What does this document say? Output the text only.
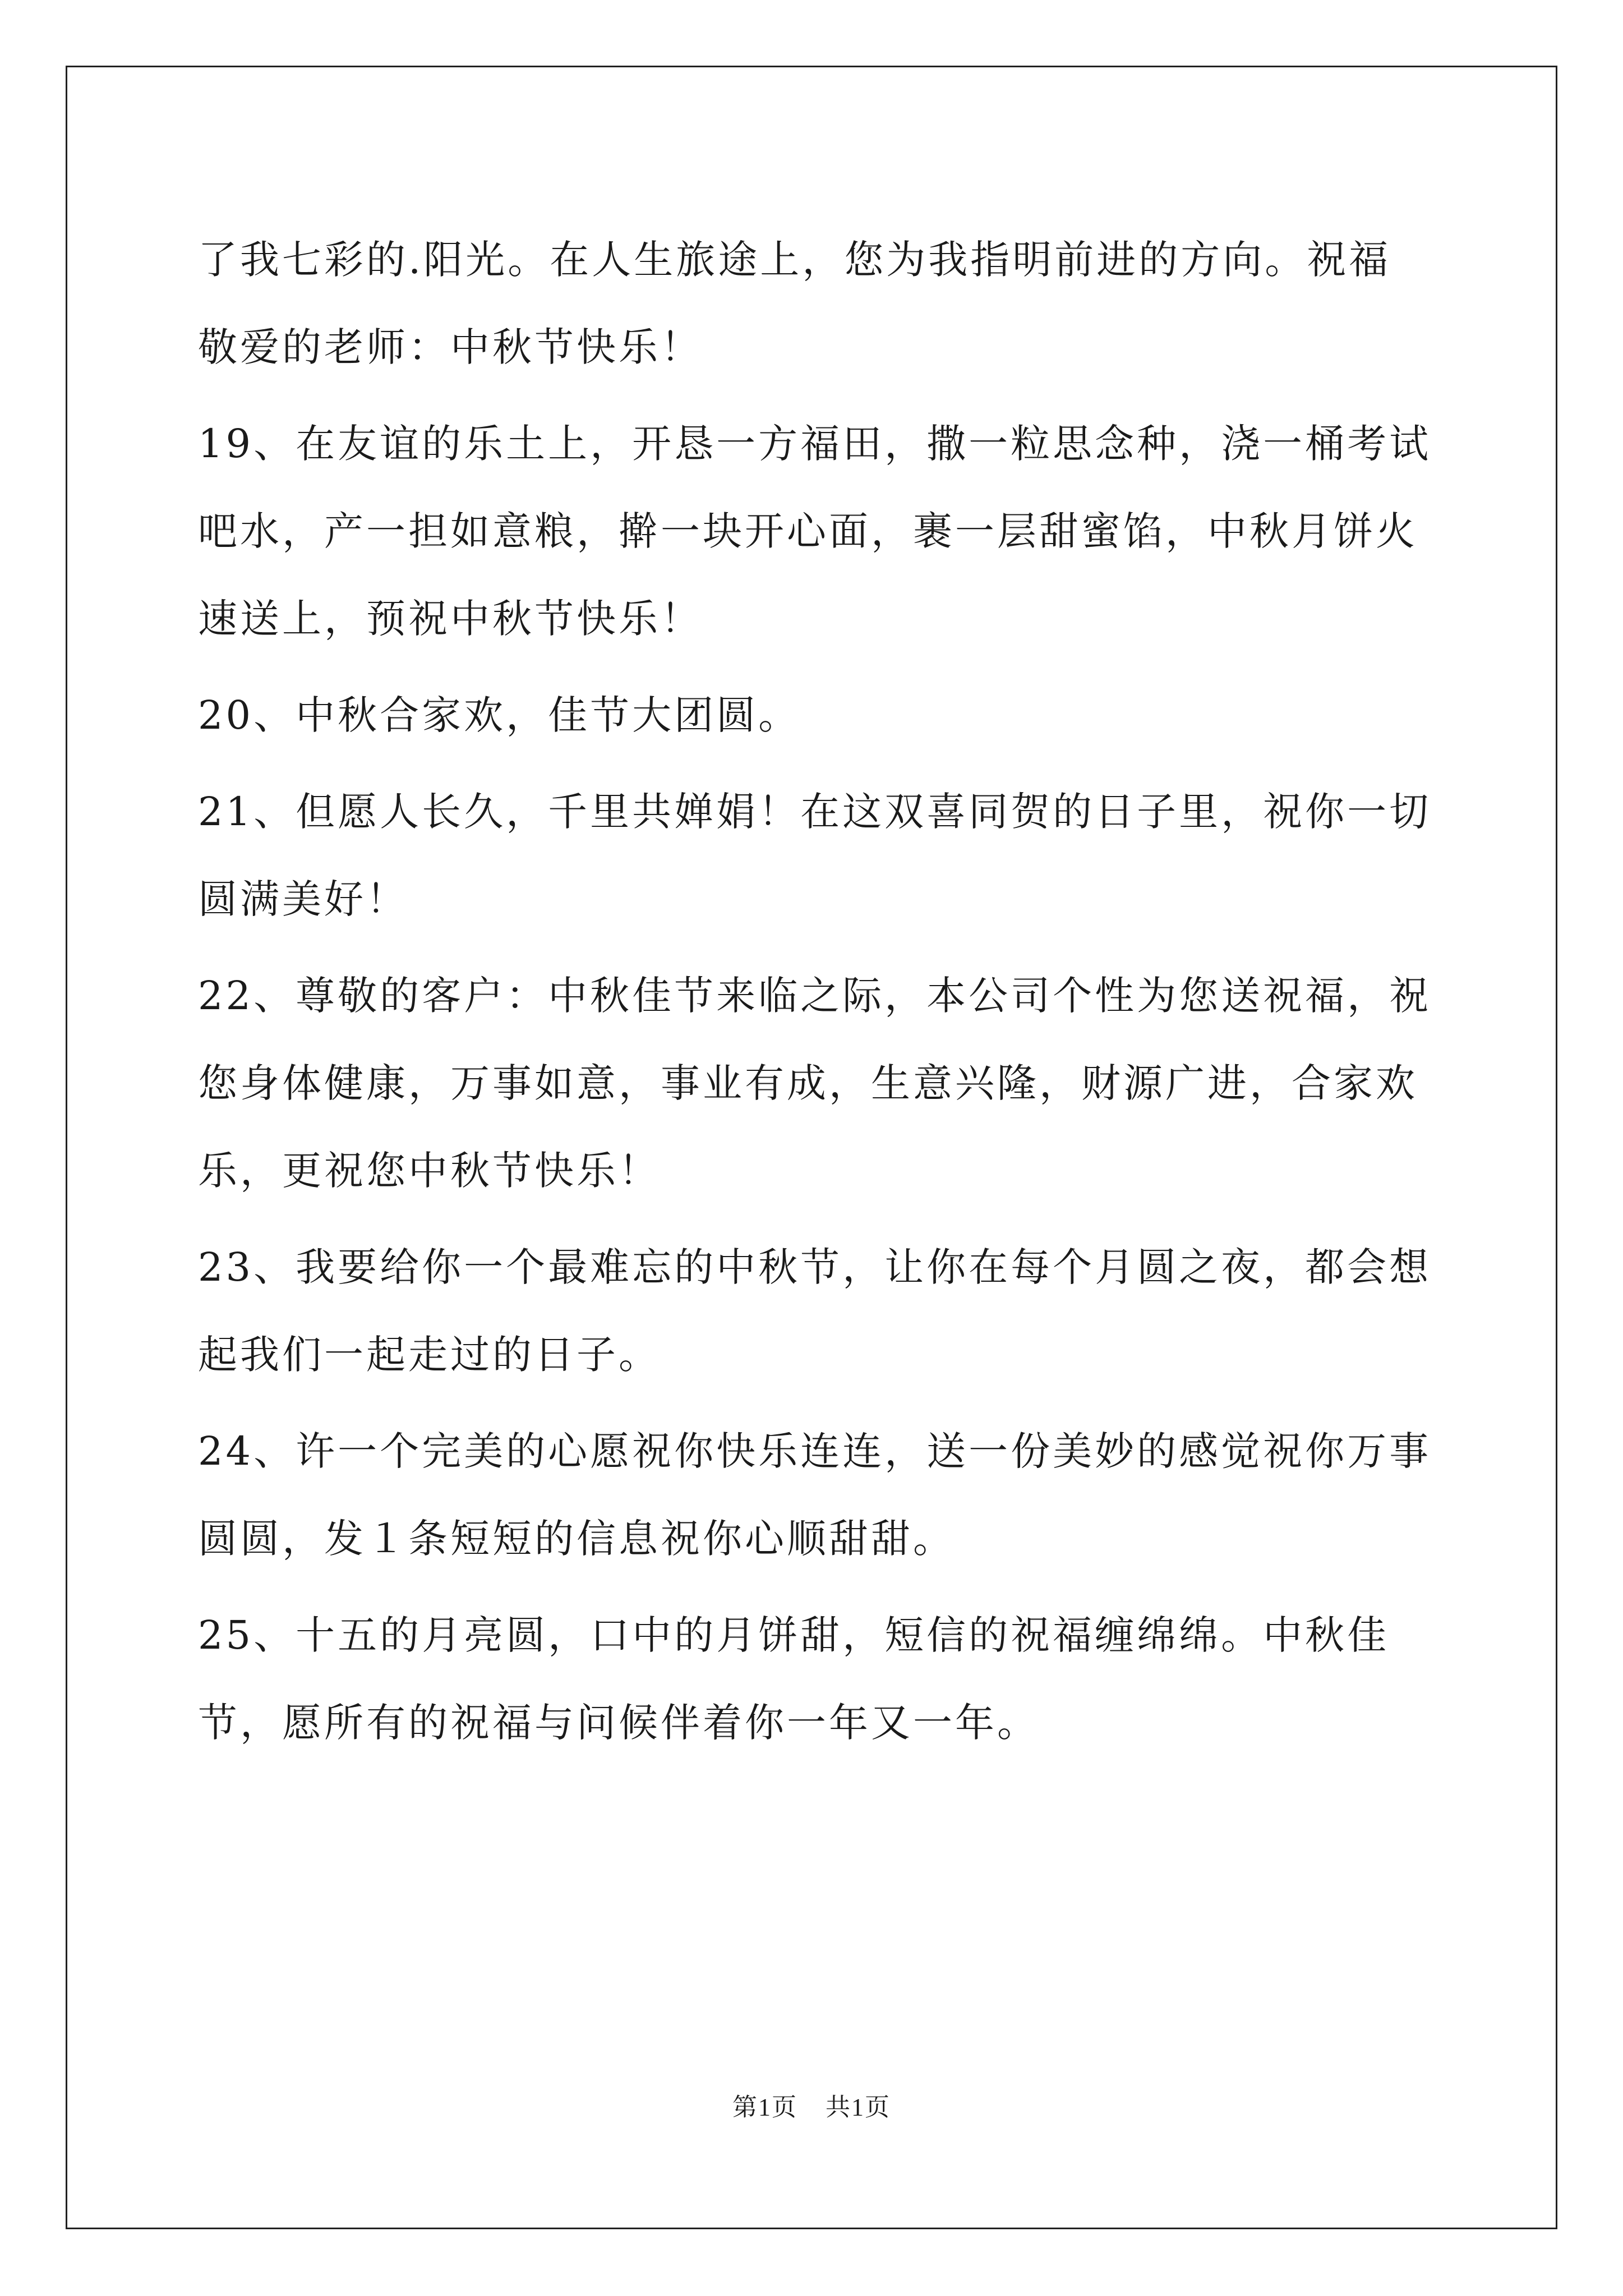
了我七彩的.阳光。在人生旅途上，您为我指明前进的方向。祝福敬爱的老师：中秋节快乐！

19、在友谊的乐土上，开恳一方福田，撒一粒思念种，浇一桶考试吧水，产一担如意粮，擀一块开心面，裹一层甜蜜馅，中秋月饼火速送上，预祝中秋节快乐！

20、中秋合家欢，佳节大团圆。

21、但愿人长久，千里共婵娟！在这双喜同贺的日子里，祝你一切圆满美好！

22、尊敬的客户：中秋佳节来临之际，本公司个性为您送祝福，祝您身体健康，万事如意，事业有成，生意兴隆，财源广进，合家欢乐，更祝您中秋节快乐！

23、我要给你一个最难忘的中秋节，让你在每个月圆之夜，都会想起我们一起走过的日子。

24、许一个完美的心愿祝你快乐连连，送一份美妙的感觉祝你万事圆圆，发１条短短的信息祝你心顺甜甜。

25、十五的月亮圆，口中的月饼甜，短信的祝福缠绵绵。中秋佳节，愿所有的祝福与问候伴着你一年又一年。

第1页 共1页
